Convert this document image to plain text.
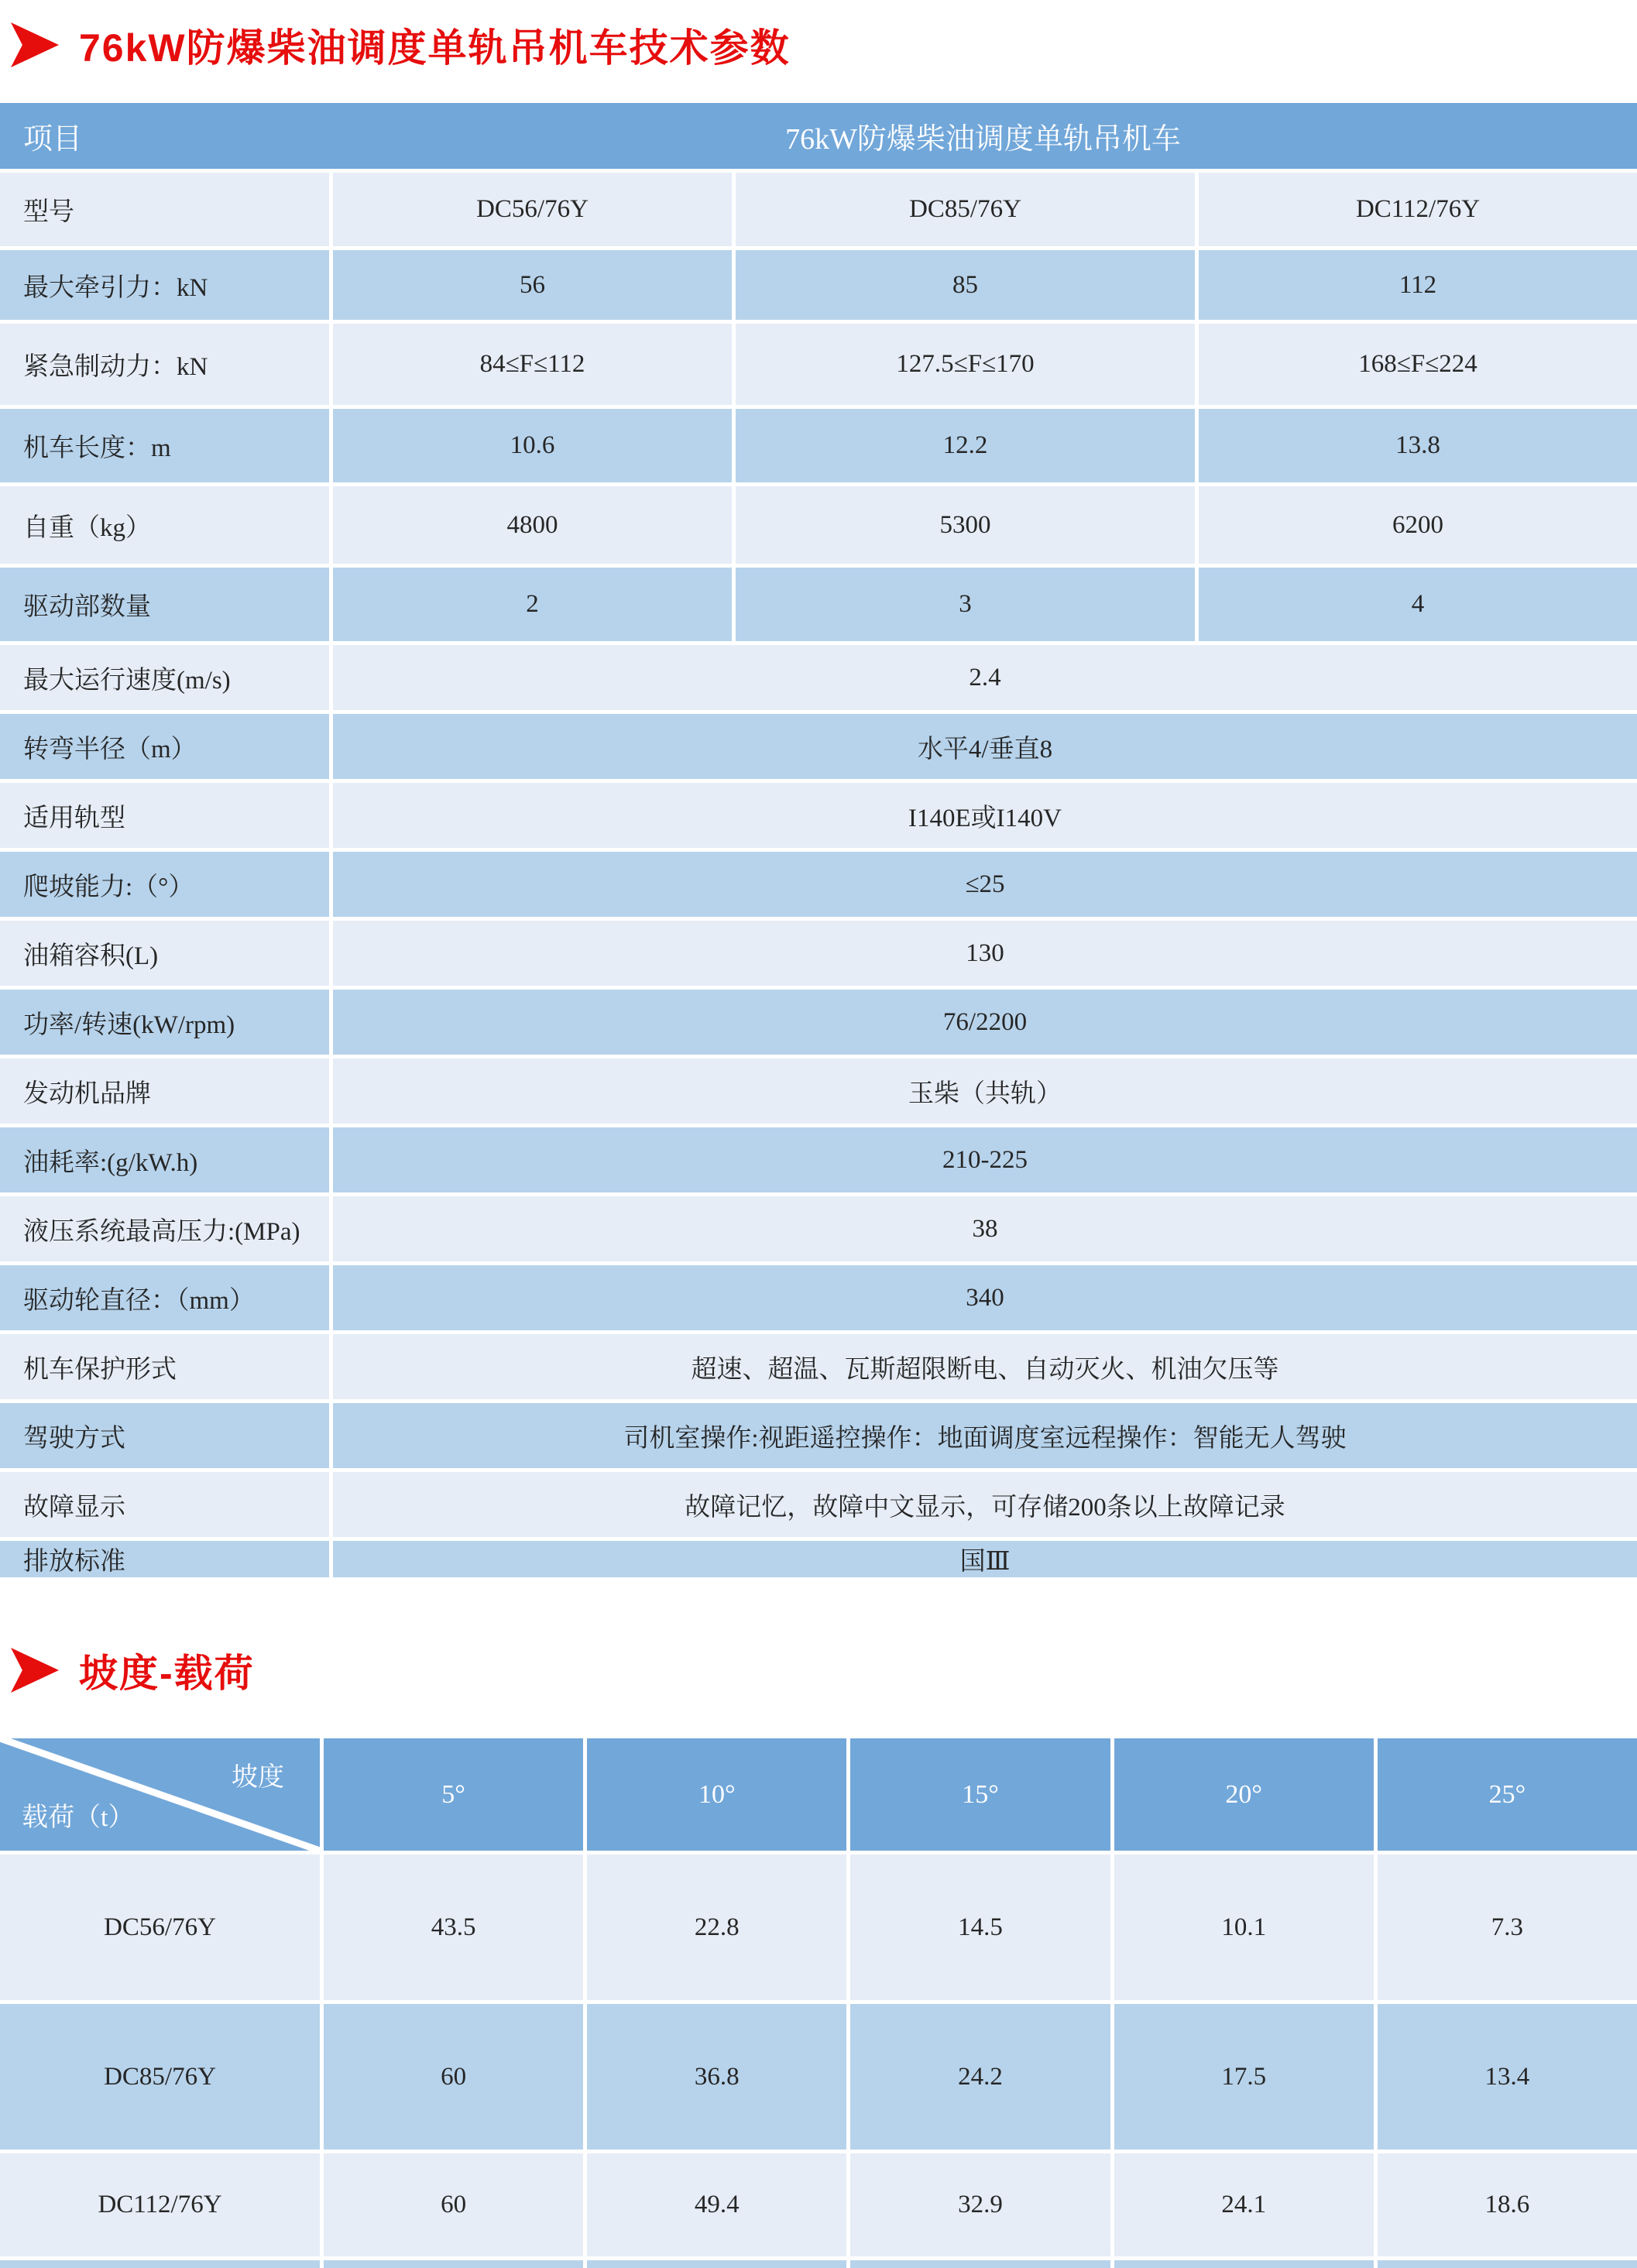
76kW防爆柴油调度单轨吊机车技术参数
项目	76kW防爆柴油调度单轨吊机车
型号	DC56/76Y	DC85/76Y	DC112/76Y
最大牵引力：kN	56	85	112
紧急制动力：kN	84≤F≤112	127.5≤F≤170	168≤F≤224
机车长度：m	10.6	12.2	13.8
自重（kg）	4800	5300	6200
驱动部数量	2	3	4
最大运行速度(m/s)	2.4
转弯半径（m）	水平4/垂直8
适用轨型	I140E或I140V
爬坡能力:（°）	≤25
油箱容积(L)	130
功率/转速(kW/rpm)	76/2200
发动机品牌	玉柴（共轨）
油耗率:(g/kW.h)	210-225
液压系统最高压力:(MPa)	38
驱动轮直径：（mm）	340
机车保护形式	超速、超温、瓦斯超限断电、自动灭火、机油欠压等
驾驶方式	司机室操作:视距遥控操作：地面调度室远程操作：智能无人驾驶
故障显示	故障记忆，故障中文显示，可存储200条以上故障记录
排放标准	国Ⅲ
坡度-载荷
坡度
载荷（t）
5°	10°	15°	20°	25°
DC56/76Y	43.5	22.8	14.5	10.1	7.3
DC85/76Y	60	36.8	24.2	17.5	13.4
DC112/76Y	60	49.4	32.9	24.1	18.6
